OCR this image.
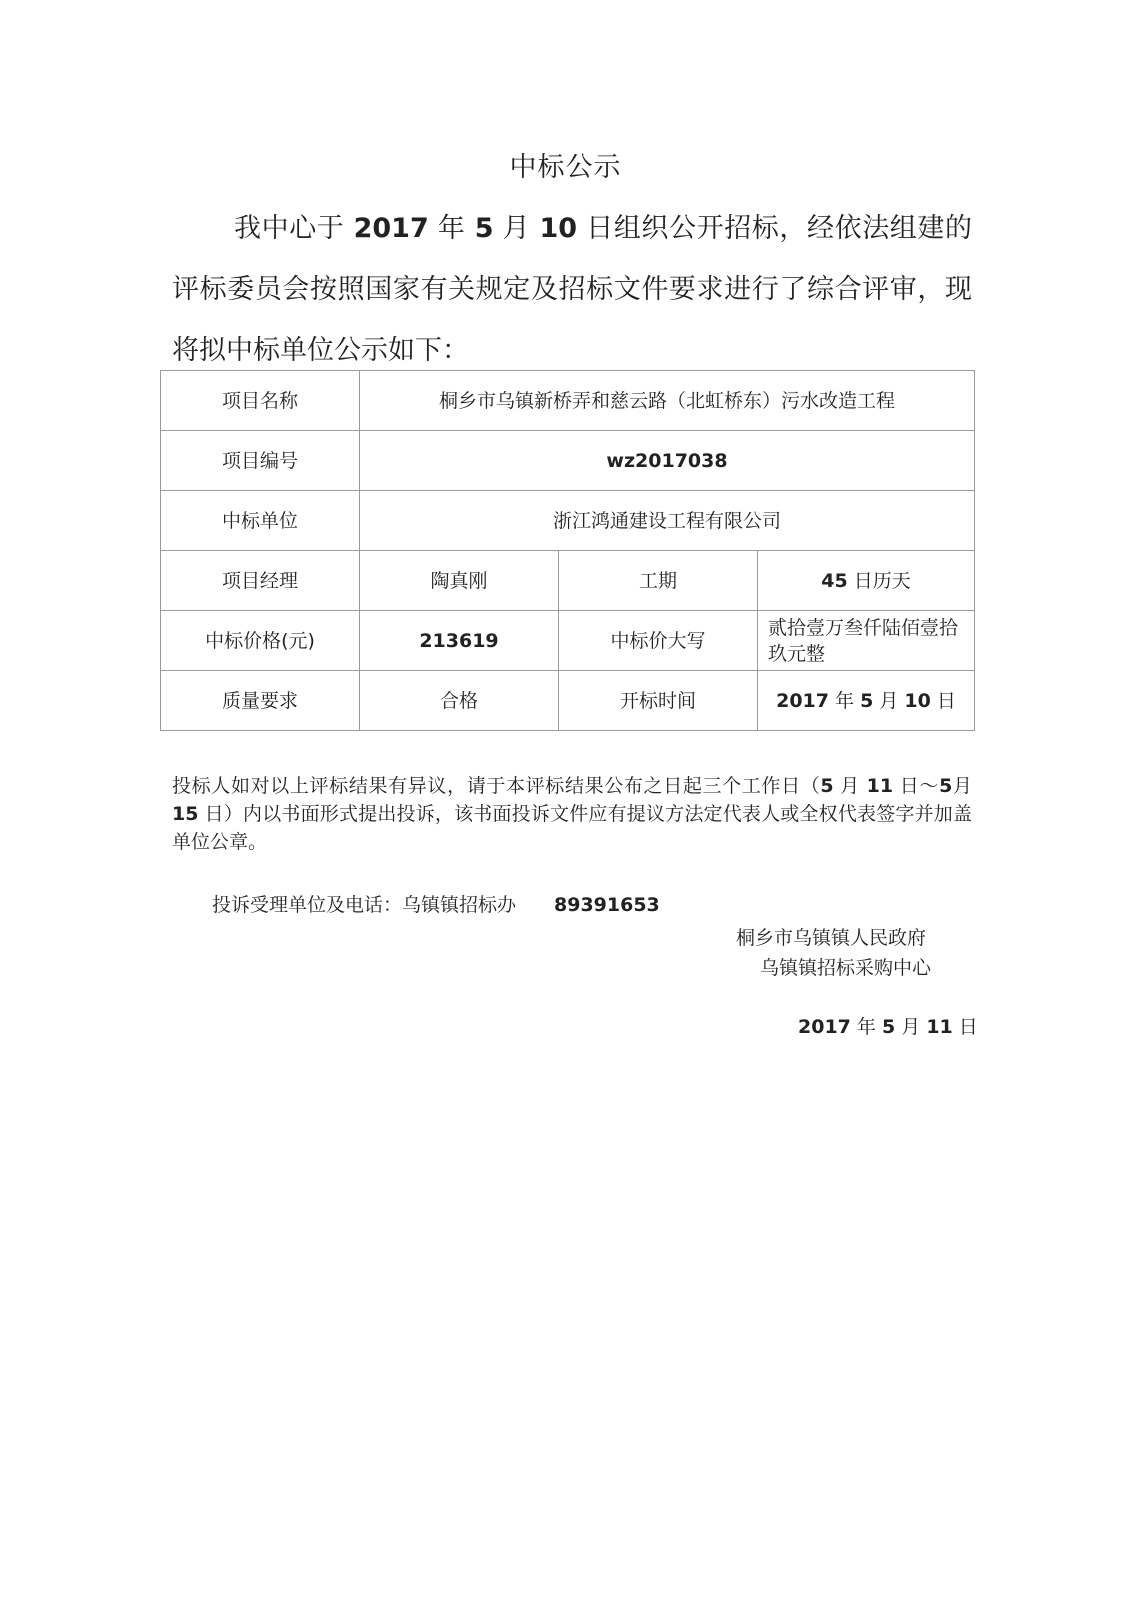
中标公示

我中心于 2017 年 5 月 10 日组织公开招标，经依法组建的评标委员会按照国家有关规定及招标文件要求进行了综合评审，现将拟中标单位公示如下：

项目名称	桐乡市乌镇新桥弄和慈云路（北虹桥东）污水改造工程		
项目编号	wz2017038		
中标单位	浙江鸿通建设工程有限公司		
项目经理	陶真刚	工期	45 日历天
中标价格(元)	213619	中标价大写	贰拾壹万叁仟陆佰壹拾玖元整
质量要求	合格	开标时间	2017 年 5 月 10 日

投标人如对以上评标结果有异议，请于本评标结果公布之日起三个工作日（5 月 11 日～5月 15 日）内以书面形式提出投诉，该书面投诉文件应有提议方法定代表人或全权代表签字并加盖单位公章。

投诉受理单位及电话：乌镇镇招标办 89391653
桐乡市乌镇镇人民政府
乌镇镇招标采购中心
2017 年 5 月 11 日
